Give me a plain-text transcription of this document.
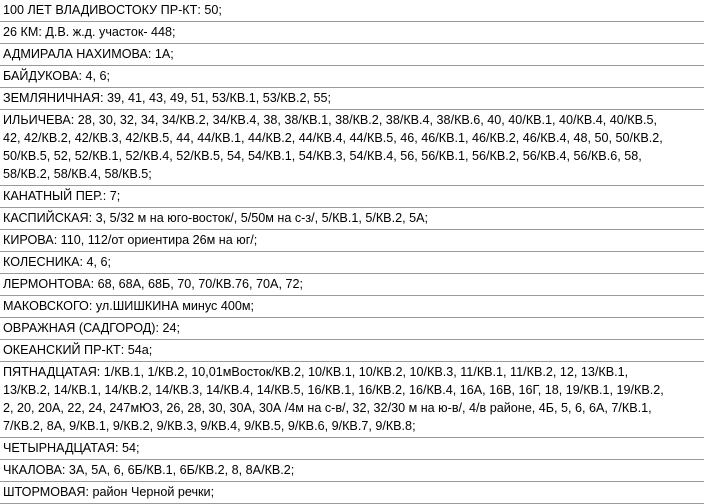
100 ЛЕТ ВЛАДИВОСТОКУ ПР-КТ: 50;
26 КМ: Д.В. ж.д. участок- 448;
АДМИРАЛА НАХИМОВА: 1А;
БАЙДУКОВА: 4, 6;
ЗЕМЛЯНИЧНАЯ: 39, 41, 43, 49, 51, 53/КВ.1, 53/КВ.2, 55;
ИЛЬИЧЕВА: 28, 30, 32, 34, 34/КВ.2, 34/КВ.4, 38, 38/КВ.1, 38/КВ.2, 38/КВ.4, 38/КВ.6, 40, 40/КВ.1, 40/КВ.4, 40/КВ.5,
42, 42/КВ.2, 42/КВ.3, 42/КВ.5, 44, 44/КВ.1, 44/КВ.2, 44/КВ.4, 44/КВ.5, 46, 46/КВ.1, 46/КВ.2, 46/КВ.4, 48, 50, 50/КВ.2,
50/КВ.5, 52, 52/КВ.1, 52/КВ.4, 52/КВ.5, 54, 54/КВ.1, 54/КВ.3, 54/КВ.4, 56, 56/КВ.1, 56/КВ.2, 56/КВ.4, 56/КВ.6, 58,
58/КВ.2, 58/КВ.4, 58/КВ.5;
КАНАТНЫЙ ПЕР.: 7;
КАСПИЙСКАЯ: 3, 5/32 м на юго-восток/, 5/50м на с-з/, 5/КВ.1, 5/КВ.2, 5А;
КИРОВА: 110, 112/от ориентира 26м на юг/;
КОЛЕСНИКА: 4, 6;
ЛЕРМОНТОВА: 68, 68А, 68Б, 70, 70/КВ.76, 70А, 72;
МАКОВСКОГО: ул.ШИШКИНА минус 400м;
ОВРАЖНАЯ (САДГОРОД): 24;
ОКЕАНСКИЙ ПР-КТ: 54а;
ПЯТНАДЦАТАЯ: 1/КВ.1, 1/КВ.2, 10,01мВосток/КВ.2, 10/КВ.1, 10/КВ.2, 10/КВ.3, 11/КВ.1, 11/КВ.2, 12, 13/КВ.1,
13/КВ.2, 14/КВ.1, 14/КВ.2, 14/КВ.3, 14/КВ.4, 14/КВ.5, 16/КВ.1, 16/КВ.2, 16/КВ.4, 16А, 16В, 16Г, 18, 19/КВ.1, 19/КВ.2,
2, 20, 20А, 22, 24, 247мЮЗ, 26, 28, 30, 30А, 30А /4м на с-в/, 32, 32/30 м на ю-в/, 4/в районе, 4Б, 5, 6, 6А, 7/КВ.1,
7/КВ.2, 8А, 9/КВ.1, 9/КВ.2, 9/КВ.3, 9/КВ.4, 9/КВ.5, 9/КВ.6, 9/КВ.7, 9/КВ.8;
ЧЕТЫРНАДЦАТАЯ: 54;
ЧКАЛОВА: 3А, 5А, 6, 6Б/КВ.1, 6Б/КВ.2, 8, 8А/КВ.2;
ШТОРМОВАЯ: район Черной речки;
